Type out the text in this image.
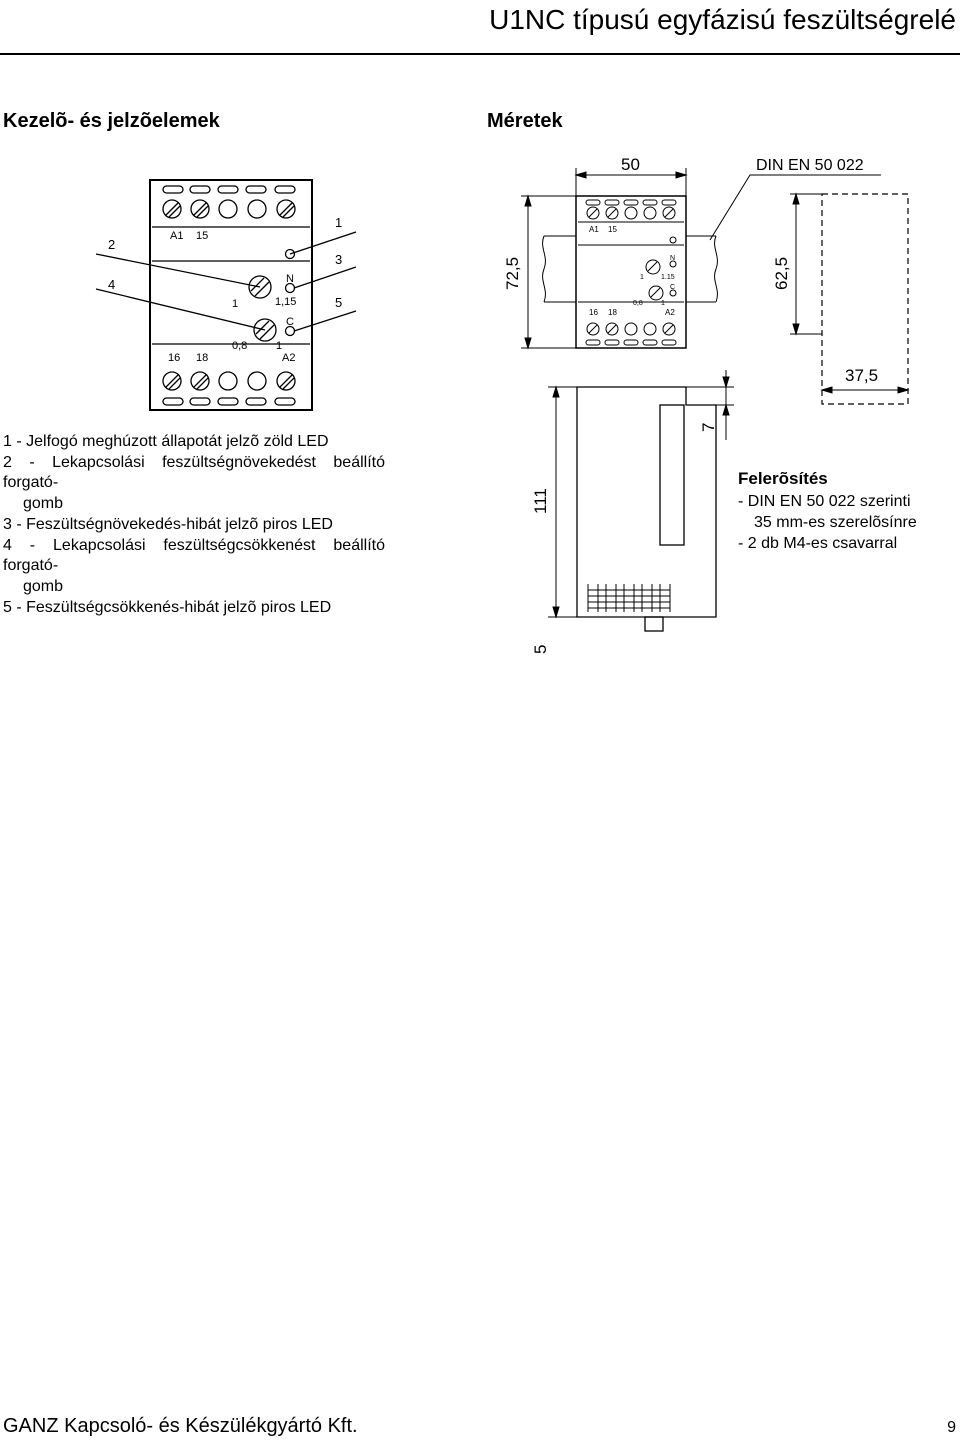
U1NC típusú egyfázisú feszültségrelé
Kezelõ- és jelzõelemek	Méretek
A1 15
16 18	A2
N
C
1	1,15
0,8	1
2
4
1
3
5
A1 15
16 18	A2
N
C
1 1.15
0,8	1
72,5
50	DIN EN 50 022
62,5
37,5
111
7
5
1 - Jelfogó meghúzott állapotát jelzõ zöld LED
2 - Lekapcsolási feszültségnövekedést beállító forgató-
gomb
3 - Feszültségnövekedés-hibát jelzõ piros LED
4 - Lekapcsolási feszültségcsökkenést beállító forgató-
gomb
5 - Feszültségcsökkenés-hibát jelzõ piros LED
Felerõsítés
- DIN EN 50 022 szerinti
35 mm-es szerelõsínre
- 2 db M4-es csavarral
GANZ Kapcsoló- és Készülékgyártó Kft.	9
